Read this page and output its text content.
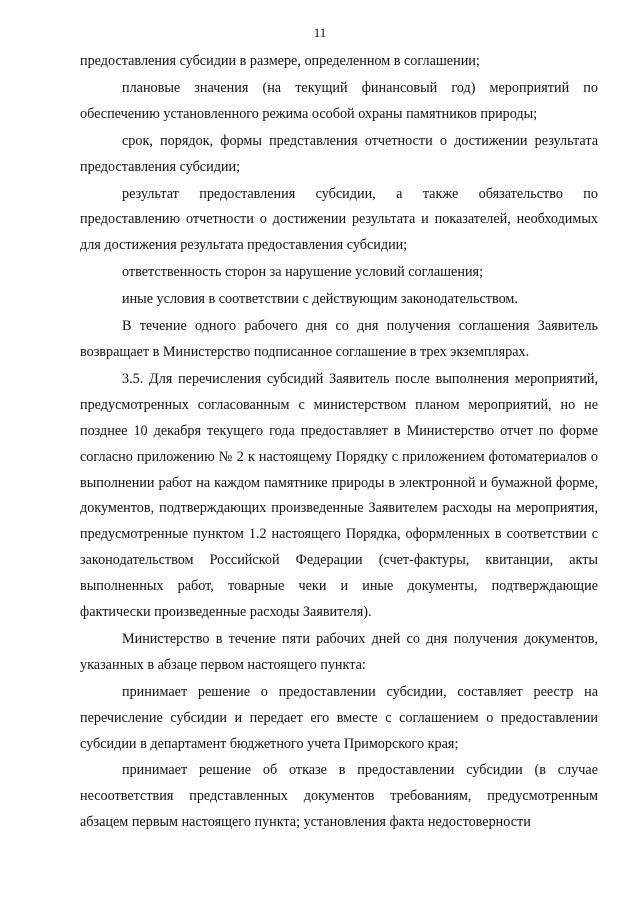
11

предоставления субсидии в размере, определенном в соглашении;

плановые значения (на текущий финансовый год) мероприятий по обеспечению установленного режима особой охраны памятников природы;

срок, порядок, формы представления отчетности о достижении результата предоставления субсидии;

результат предоставления субсидии, а также обязательство по предоставлению отчетности о достижении результата и показателей, необходимых для достижения результата предоставления субсидии;

ответственность сторон за нарушение условий соглашения;

иные условия в соответствии с действующим законодательством.

В течение одного рабочего дня со дня получения соглашения Заявитель возвращает в Министерство подписанное соглашение в трех экземплярах.

3.5. Для перечисления субсидий Заявитель после выполнения мероприятий, предусмотренных согласованным с министерством планом мероприятий, но не позднее 10 декабря текущего года предоставляет в Министерство отчет по форме согласно приложению № 2 к настоящему Порядку с приложением фотоматериалов о выполнении работ на каждом памятнике природы в электронной и бумажной форме, документов, подтверждающих произведенные Заявителем расходы на мероприятия, предусмотренные пунктом 1.2 настоящего Порядка, оформленных в соответствии с законодательством Российской Федерации (счет-фактуры, квитанции, акты выполненных работ, товарные чеки и иные документы, подтверждающие фактически произведенные расходы Заявителя).

Министерство в течение пяти рабочих дней со дня получения документов, указанных в абзаце первом настоящего пункта:

принимает решение о предоставлении субсидии, составляет реестр на перечисление субсидии и передает его вместе с соглашением о предоставлении субсидии в департамент бюджетного учета Приморского края;

принимает решение об отказе в предоставлении субсидии (в случае несоответствия представленных документов требованиям, предусмотренным абзацем первым настоящего пункта; установления факта недостоверности
